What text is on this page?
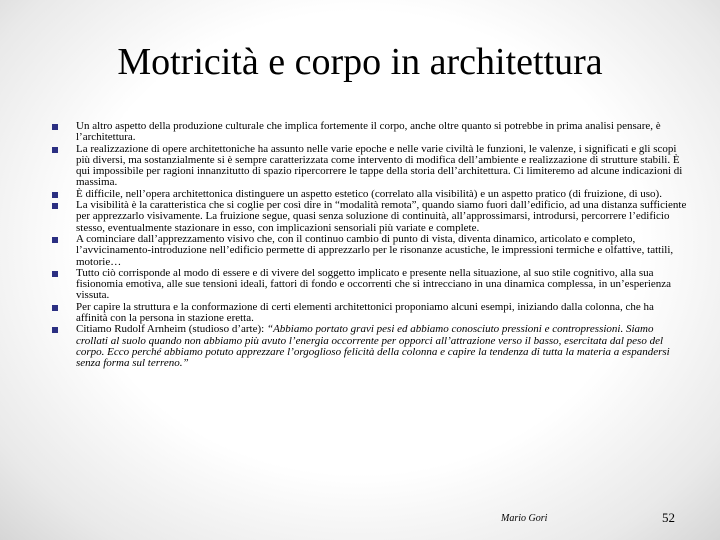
Motricità e corpo in architettura
Un altro aspetto della produzione culturale che implica fortemente il corpo, anche oltre quanto si potrebbe in prima analisi pensare, è l’architettura.
La realizzazione di opere architettoniche ha assunto nelle varie epoche e nelle varie civiltà le funzioni, le valenze, i significati e gli scopi più diversi, ma sostanzialmente si è sempre caratterizzata come intervento di modifica dell’ambiente e realizzazione di strutture stabili. È qui impossibile per ragioni innanzitutto di spazio ripercorrere le tappe della storia dell’architettura. Ci limiteremo ad alcune indicazioni di massima.
È difficile, nell’opera architettonica distinguere un aspetto estetico (correlato alla visibilità) e un aspetto pratico (di fruizione, di uso).
La visibilità è la caratteristica che si coglie per così dire in “modalità remota”, quando siamo fuori dall’edificio, ad una distanza sufficiente per apprezzarlo visivamente. La fruizione segue, quasi senza soluzione di continuità, all’approssimarsi, introdursi, percorrere l’edificio stesso, eventualmente stazionare in esso, con implicazioni sensoriali più variate e complete.
A cominciare dall’apprezzamento visivo che, con il continuo cambio di punto di vista, diventa dinamico, articolato e completo, l’avvicinamento-introduzione nell’edificio permette di apprezzarlo per le risonanze acustiche, le impressioni termiche e olfattive, tattili, motorie…
Tutto ciò corrisponde al modo di essere e di vivere del soggetto implicato e presente nella situazione, al suo stile cognitivo, alla sua fisionomia emotiva, alle sue tensioni ideali, fattori di fondo e occorrenti che si intrecciano in una dinamica complessa, in un’esperienza vissuta.
Per capire la struttura e la conformazione di certi elementi architettonici proponiamo alcuni esempi, iniziando dalla colonna, che ha affinità con la persona in stazione eretta.
Citiamo Rudolf Arnheim (studioso d’arte): “Abbiamo portato gravi pesi ed abbiamo conosciuto pressioni e contropressioni. Siamo crollati al suolo quando non abbiamo più avuto l’energia occorrente per opporci all’attrazione verso il basso, esercitata dal peso del corpo. Ecco perché abbiamo potuto apprezzare l’orgoglioso felicità della colonna e capire la tendenza di tutta la materia a espandersi senza forma sul terreno.”
Mario Gori	52
